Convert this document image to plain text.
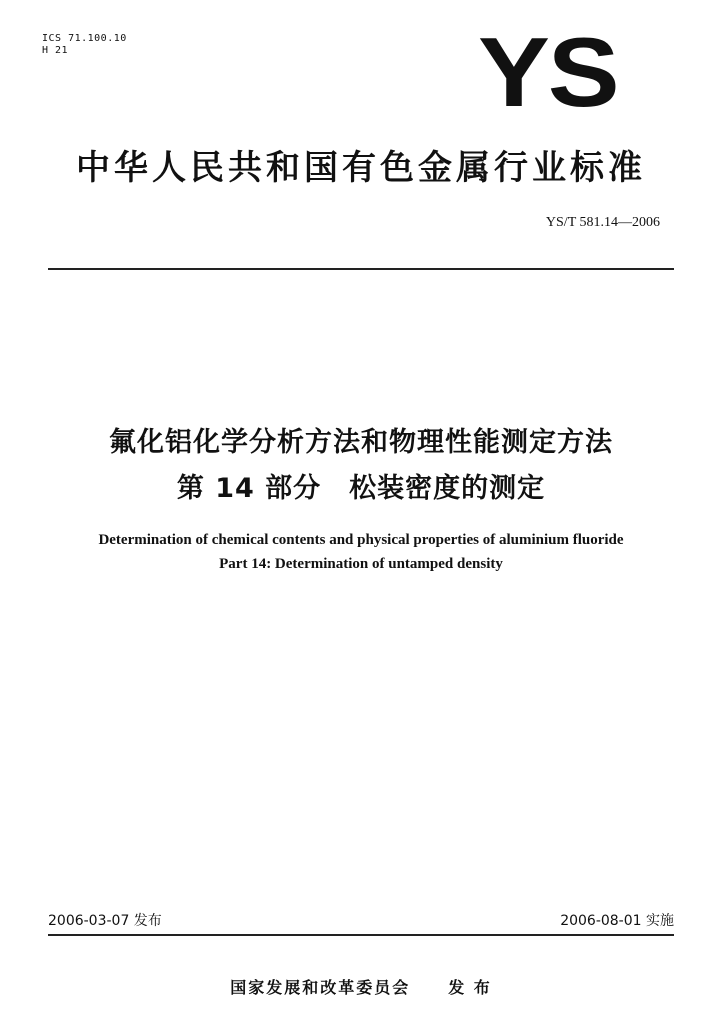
ICS 71.100.10
H 21	YS
中华人民共和国有色金属行业标准
YS/T 581.14—2006
氟化铝化学分析方法和物理性能测定方法
第 14 部分　松装密度的测定
Determination of chemical contents and physical properties of aluminium fluoride
Part 14: Determination of untamped density
2006-03-07 发布	2006-08-01 实施
国家发展和改革委员会 发 布
